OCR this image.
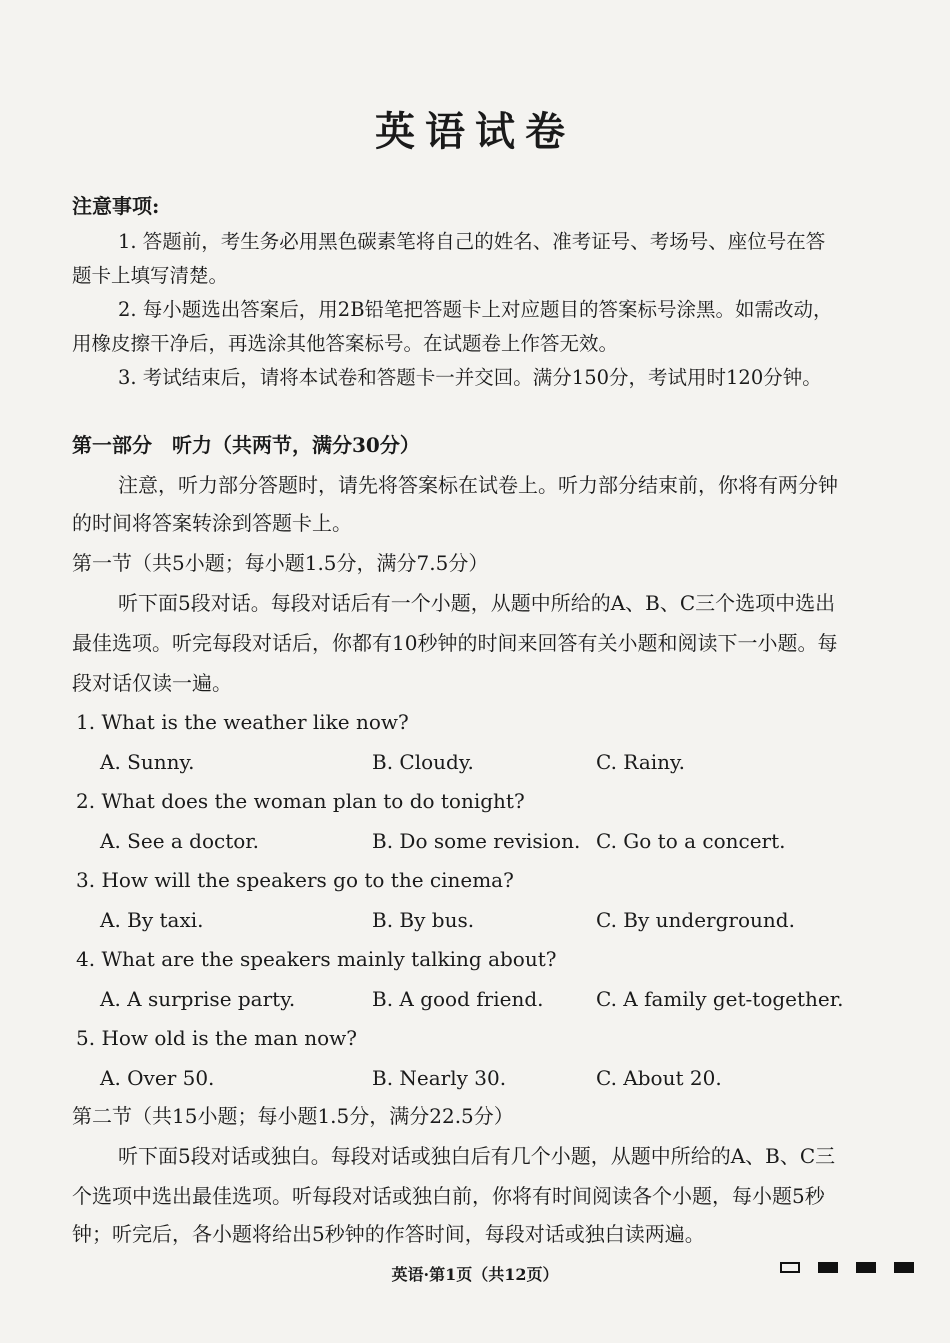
英语试卷
注意事项:
1. 答题前，考生务必用黑色碳素笔将自己的姓名、准考证号、考场号、座位号在答
题卡上填写清楚。
2. 每小题选出答案后，用2B铅笔把答题卡上对应题目的答案标号涂黑。如需改动，
用橡皮擦干净后，再选涂其他答案标号。在试题卷上作答无效。
3. 考试结束后，请将本试卷和答题卡一并交回。满分150分，考试用时120分钟。
第一部分　听力（共两节，满分30分）
注意，听力部分答题时，请先将答案标在试卷上。听力部分结束前，你将有两分钟
的时间将答案转涂到答题卡上。
第一节（共5小题；每小题1.5分，满分7.5分）
听下面5段对话。每段对话后有一个小题，从题中所给的A、B、C三个选项中选出
最佳选项。听完每段对话后，你都有10秒钟的时间来回答有关小题和阅读下一小题。每
段对话仅读一遍。
1. What is the weather like now?
A. Sunny.	B. Cloudy.	C. Rainy.
2. What does the woman plan to do tonight?
A. See a doctor.	B. Do some revision. C. Go to a concert.
3. How will the speakers go to the cinema?
A. By taxi.	B. By bus.	C. By underground.
4. What are the speakers mainly talking about?
A. A surprise party.	B. A good friend.	C. A family get-together.
5. How old is the man now?
A. Over 50.	B. Nearly 30.	C. About 20.
第二节（共15小题；每小题1.5分，满分22.5分）
听下面5段对话或独白。每段对话或独白后有几个小题，从题中所给的A、B、C三
个选项中选出最佳选项。听每段对话或独白前，你将有时间阅读各个小题，每小题5秒
钟；听完后，各小题将给出5秒钟的作答时间，每段对话或独白读两遍。
英语·第1页（共12页）
